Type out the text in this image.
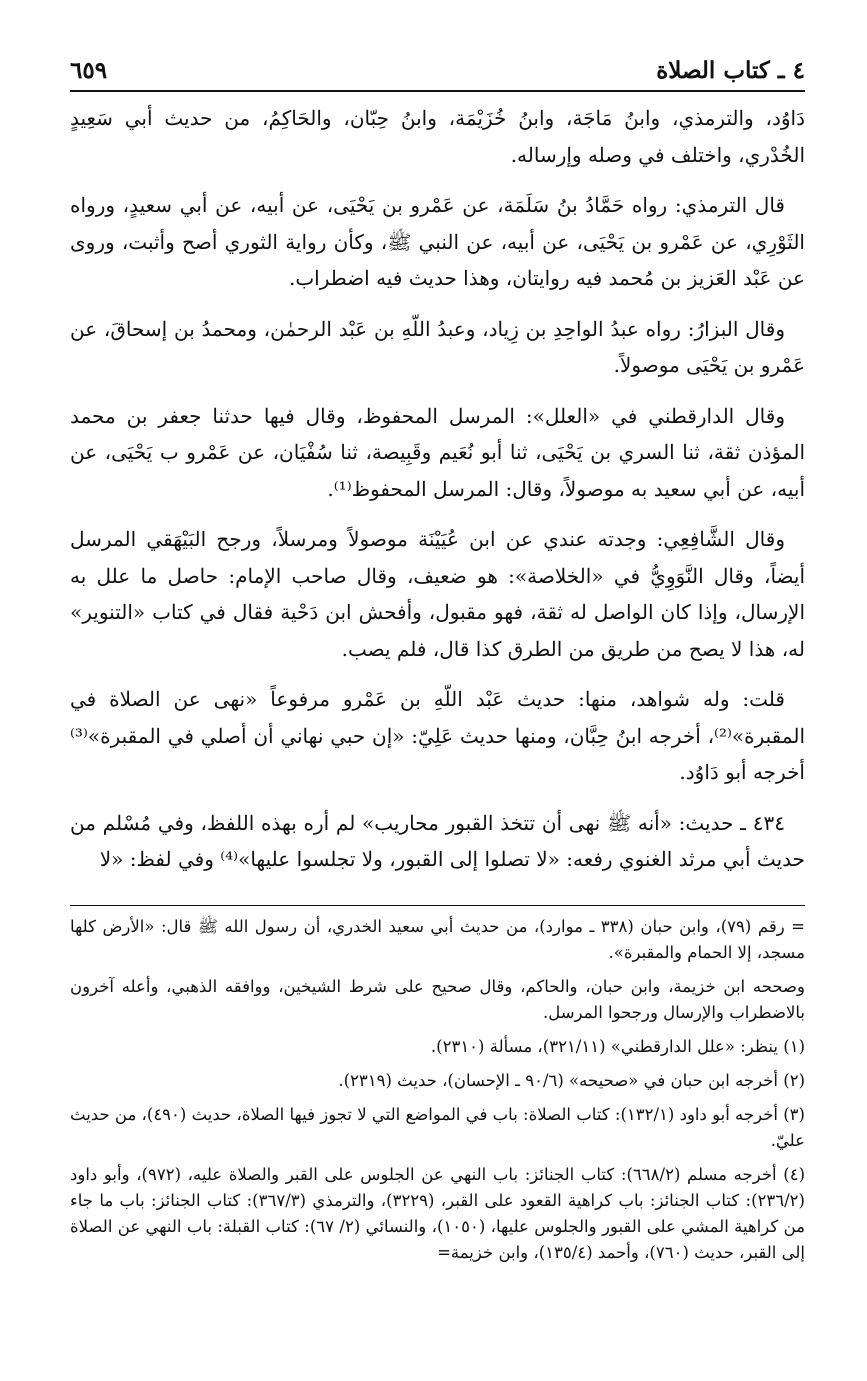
٤ ـ كتاب الصلاة
٦٥٩

دَاوُد، والترمذي، وابنُ مَاجَة، وابنُ خُزَيْمَة، وابنُ حِبّان، والحَاكِمُ، من حديث أبي سَعِيدٍ الخُدْري، واختلف في وصله وإرساله.

قال الترمذي: رواه حَمَّادُ بنُ سَلَمَة، عن عَمْرو بن يَحْيَى، عن أبيه، عن أبي سعيدٍ، ورواه الثَوْرِي، عن عَمْرو بن يَحْيَى، عن أبيه، عن النبي ﷺ، وكأن رواية الثوري أصح وأثبت، وروى عن عَبْد العَزيز بن مُحمد فيه روايتان، وهذا حديث فيه اضطراب.

وقال البزارُ: رواه عبدُ الواحِدِ بن زِياد، وعبدُ اللّهِ بن عَبْد الرحمٰن، ومحمدُ بن إسحاقَ، عن عَمْرو بن يَحْيَى موصولاً.

وقال الدارقطني في «العلل»: المرسل المحفوظ، وقال فيها حدثنا جعفر بن محمد المؤذن ثقة، ثنا السري بن يَحْيَى، ثنا أبو نُعَيم وقَبِيصة، ثنا سُفْيَان، عن عَمْرو ب يَحْيَى، عن أبيه، عن أبي سعيد به موصولاً، وقال: المرسل المحفوظ⁽¹⁾.

وقال الشَّافِعِي: وجدته عندي عن ابن عُيَيْنَة موصولاً ومرسلاً، ورجح البَيْهَقي المرسل أيضاً، وقال النَّوَوِيُّ في «الخلاصة»: هو ضعيف، وقال صاحب الإمام: حاصل ما علل به الإرسال، وإذا كان الواصل له ثقة، فهو مقبول، وأفحش ابن دَحْية فقال في كتاب «التنوير» له، هذا لا يصح من طريق من الطرق كذا قال، فلم يصب.

قلت: وله شواهد، منها: حديث عَبْد اللّهِ بن عَمْرو مرفوعاً «نهى عن الصلاة في المقبرة»⁽²⁾، أخرجه ابنُ حِبَّان، ومنها حديث عَلِيّ: «إن حبي نهاني أن أصلي في المقبرة»⁽³⁾ أخرجه أبو دَاوُد.

٤٣٤ ـ حديث: «أنه ﷺ نهى أن تتخذ القبور محاريب» لم أره بهذه اللفظ، وفي مُسْلم من حديث أبي مرثد الغنوي رفعه: «لا تصلوا إلى القبور، ولا تجلسوا عليها»⁽⁴⁾ وفي لفظ: «لا

= رقم (٧٩)، وابن حبان (٣٣٨ ـ موارد)، من حديث أبي سعيد الخدري، أن رسول الله ﷺ قال: «الأرض كلها مسجد، إلا الحمام والمقبرة».

وصححه ابن خزيمة، وابن حبان، والحاكم، وقال صحيح على شرط الشيخين، ووافقه الذهبي، وأعله آخرون بالاضطراب والإرسال ورجحوا المرسل.

(١) ينظر: «علل الدارقطني» (٣٢١/١١)، مسألة (٢٣١٠).

(٢) أخرجه ابن حبان في «صحيحه» (٩٠/٦ ـ الإحسان)، حديث (٢٣١٩).

(٣) أخرجه أبو داود (١٣٢/١): كتاب الصلاة: باب في المواضع التي لا تجوز فيها الصلاة، حديث (٤٩٠)، من حديث عليّ.

(٤) أخرجه مسلم (٦٦٨/٢): كتاب الجنائز: باب النهي عن الجلوس على القبر والصلاة عليه، (٩٧٢)، وأبو داود (٢٣٦/٢): كتاب الجنائز: باب كراهية القعود على القبر، (٣٢٢٩)، والترمذي (٣٦٧/٣): كتاب الجنائز: باب ما جاء من كراهية المشي على القبور والجلوس عليها، (١٠٥٠)، والنسائي (٢/ ٦٧): كتاب القبلة: باب النهي عن الصلاة إلى القبر، حديث (٧٦٠)، وأحمد (١٣٥/٤)، وابن خزيمة=
